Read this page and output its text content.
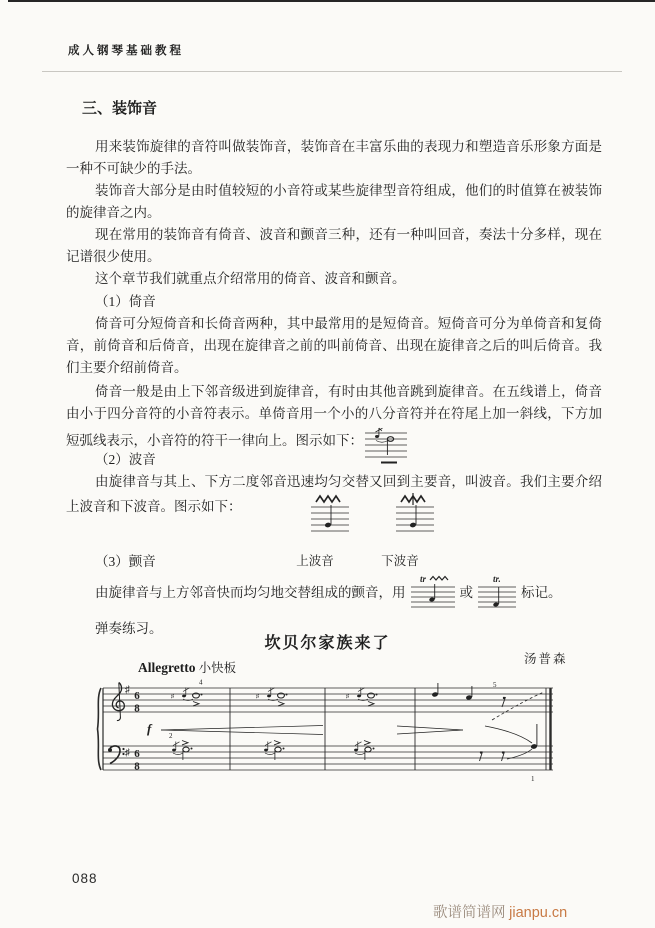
成人钢琴基础教程
三、装饰音

用来装饰旋律的音符叫做装饰音，装饰音在丰富乐曲的表现力和塑造音乐形象方面是一种不可缺少的手法。

装饰音大部分是由时值较短的小音符或某些旋律型音符组成，他们的时值算在被装饰的旋律音之内。

现在常用的装饰音有倚音、波音和颤音三种，还有一种叫回音，奏法十分多样，现在记谱很少使用。

这个章节我们就重点介绍常用的倚音、波音和颤音。

（1）倚音

倚音可分短倚音和长倚音两种，其中最常用的是短倚音。短倚音可分为单倚音和复倚音，前倚音和后倚音，出现在旋律音之前的叫前倚音、出现在旋律音之后的叫后倚音。我们主要介绍前倚音。

倚音一般是由上下邻音级进到旋律音，有时由其他音跳到旋律音。在五线谱上，倚音由小于四分音符的小音符表示。单倚音用一个小的八分音符并在符尾上加一斜线，下方加短弧线表示，小音符的符干一律向上。图示如下：

（2）波音

由旋律音与其上、下方二度邻音迅速均匀交替又回到主要音，叫波音。我们主要介绍上波音和下波音。图示如下：
上波音	下波音

（3）颤音

由旋律音与上方邻音快而均匀地交替组成的颤音，用
tr
或
tr.
标记。

弹奏练习。

坎贝尔家族来了
汤普森
Allegretto 小快板
♯
♯
6
8
6
8
♯
4
♯	♯
2
5
1
f
088
歌谱简谱网 jianpu.cn
